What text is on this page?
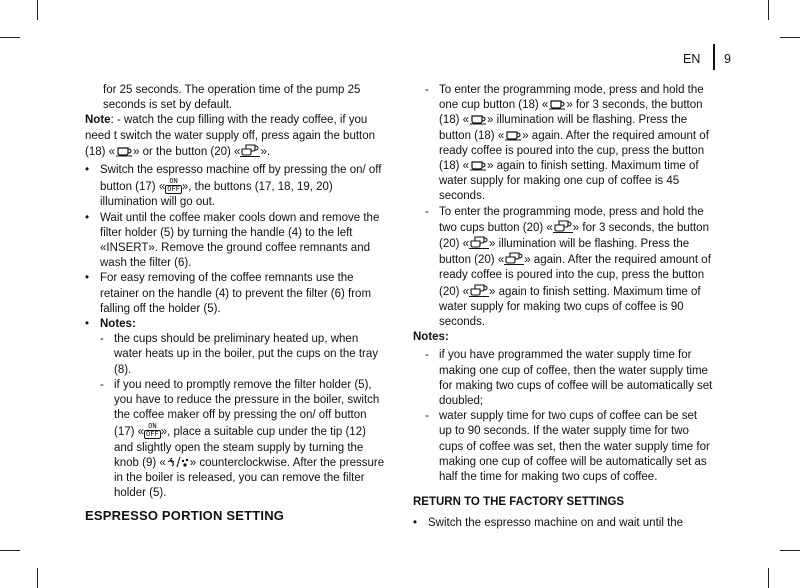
EN 9

for 25 seconds. The operation time of the pump 25 seconds is set by default.

Note: - watch the cup filling with the ready coffee, if you need t switch the water supply off, press again the button (18) « » or the button (20) « ».

• Switch the espresso machine off by pressing the on/ off button (17) « ON
OFF », the buttons (17, 18, 19, 20) illumination will go out.
• Wait until the coffee maker cools down and remove the filter holder (5) by turning the handle (4) to the left «INSERT». Remove the ground coffee remnants and wash the filter (6).
• For easy removing of the coffee remnants use the retainer on the handle (4) to prevent the filter (6) from falling off the holder (5).
• Notes:
- the cups should be preliminary heated up, when water heats up in the boiler, put the cups on the tray (8).
- if you need to promptly remove the filter holder (5), you have to reduce the pressure in the boiler, switch the coffee maker off by pressing the on/ off button (17) « ON
OFF », place a suitable cup under the tip (12) and slightly open the steam supply by turning the knob (9) « » counterclockwise. After the pressure in the boiler is released, you can remove the filter holder (5).
ESPRESSO PORTION SETTING
- To enter the programming mode, press and hold the one cup button (18) « » for 3 seconds, the button (18) « » illumination will be flashing. Press the button (18) « » again. After the required amount of ready coffee is poured into the cup, press the button (18) « » again to finish setting. Maximum time of water supply for making one cup of coffee is 45 seconds.
- To enter the programming mode, press and hold the two cups button (20) « » for 3 seconds, the button (20) « » illumination will be flashing. Press the button (20) « » again. After the required amount of ready coffee is poured into the cup, press the button (20) « » again to finish setting. Maximum time of water supply for making two cups of coffee is 90 seconds.
Notes:
- if you have programmed the water supply time for making one cup of coffee, then the water supply time for making two cups of coffee will be automatically set doubled;
- water supply time for two cups of coffee can be set up to 90 seconds. If the water supply time for two cups of coffee was set, then the water supply time for making one cup of coffee will be automatically set as half the time for making two cups of coffee.
RETURN TO THE FACTORY SETTINGS
• Switch the espresso machine on and wait until the
